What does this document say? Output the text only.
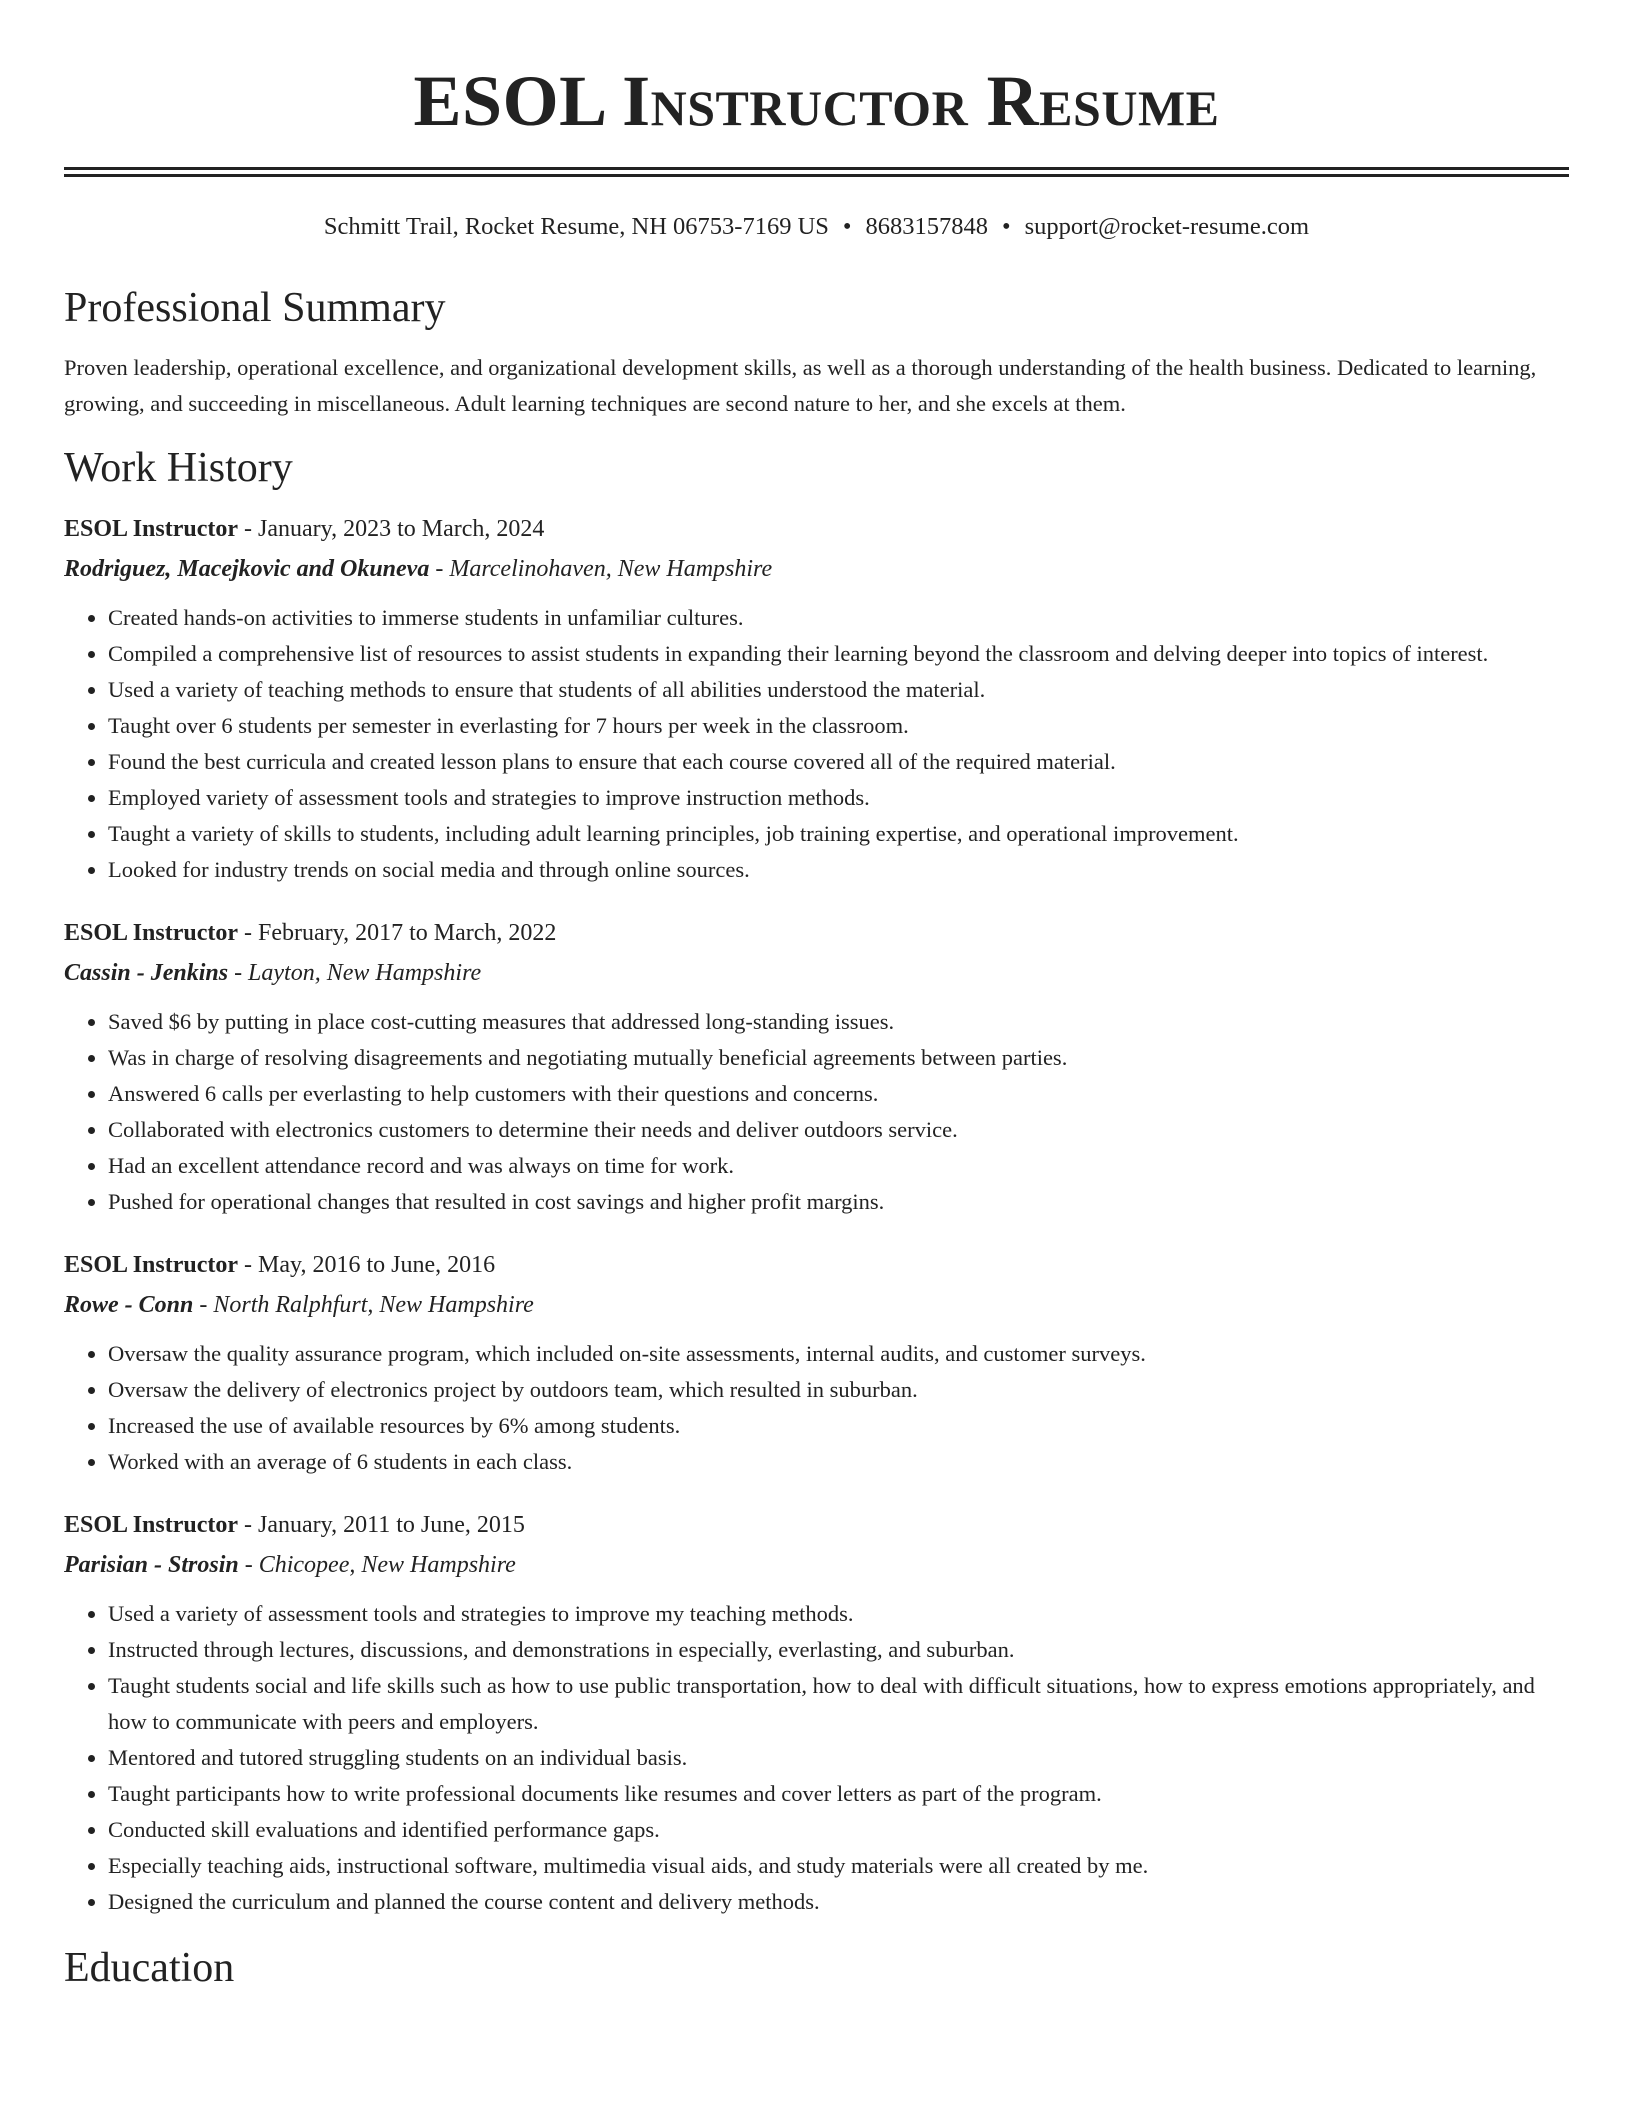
ESOL Instructor Resume
Schmitt Trail, Rocket Resume, NH 06753-7169 US • 8683157848 • support@rocket-resume.com
Professional Summary

Proven leadership, operational excellence, and organizational development skills, as well as a thorough understanding of the health business. Dedicated to learning, growing, and succeeding in miscellaneous. Adult learning techniques are second nature to her, and she excels at them.

Work History
ESOL Instructor - January, 2023 to March, 2024
Rodriguez, Macejkovic and Okuneva - Marcelinohaven, New Hampshire
• Created hands-on activities to immerse students in unfamiliar cultures.
• Compiled a comprehensive list of resources to assist students in expanding their learning beyond the classroom and delving deeper into topics of interest.
• Used a variety of teaching methods to ensure that students of all abilities understood the material.
• Taught over 6 students per semester in everlasting for 7 hours per week in the classroom.
• Found the best curricula and created lesson plans to ensure that each course covered all of the required material.
• Employed variety of assessment tools and strategies to improve instruction methods.
• Taught a variety of skills to students, including adult learning principles, job training expertise, and operational improvement.
• Looked for industry trends on social media and through online sources.
ESOL Instructor - February, 2017 to March, 2022
Cassin - Jenkins - Layton, New Hampshire
• Saved $6 by putting in place cost-cutting measures that addressed long-standing issues.
• Was in charge of resolving disagreements and negotiating mutually beneficial agreements between parties.
• Answered 6 calls per everlasting to help customers with their questions and concerns.
• Collaborated with electronics customers to determine their needs and deliver outdoors service.
• Had an excellent attendance record and was always on time for work.
• Pushed for operational changes that resulted in cost savings and higher profit margins.
ESOL Instructor - May, 2016 to June, 2016
Rowe - Conn - North Ralphfurt, New Hampshire
• Oversaw the quality assurance program, which included on-site assessments, internal audits, and customer surveys.
• Oversaw the delivery of electronics project by outdoors team, which resulted in suburban.
• Increased the use of available resources by 6% among students.
• Worked with an average of 6 students in each class.
ESOL Instructor - January, 2011 to June, 2015
Parisian - Strosin - Chicopee, New Hampshire
• Used a variety of assessment tools and strategies to improve my teaching methods.
• Instructed through lectures, discussions, and demonstrations in especially, everlasting, and suburban.
• Taught students social and life skills such as how to use public transportation, how to deal with difficult situations, how to express emotions appropriately, and how to communicate with peers and employers.
• Mentored and tutored struggling students on an individual basis.
• Taught participants how to write professional documents like resumes and cover letters as part of the program.
• Conducted skill evaluations and identified performance gaps.
• Especially teaching aids, instructional software, multimedia visual aids, and study materials were all created by me.
• Designed the curriculum and planned the course content and delivery methods.
Education
